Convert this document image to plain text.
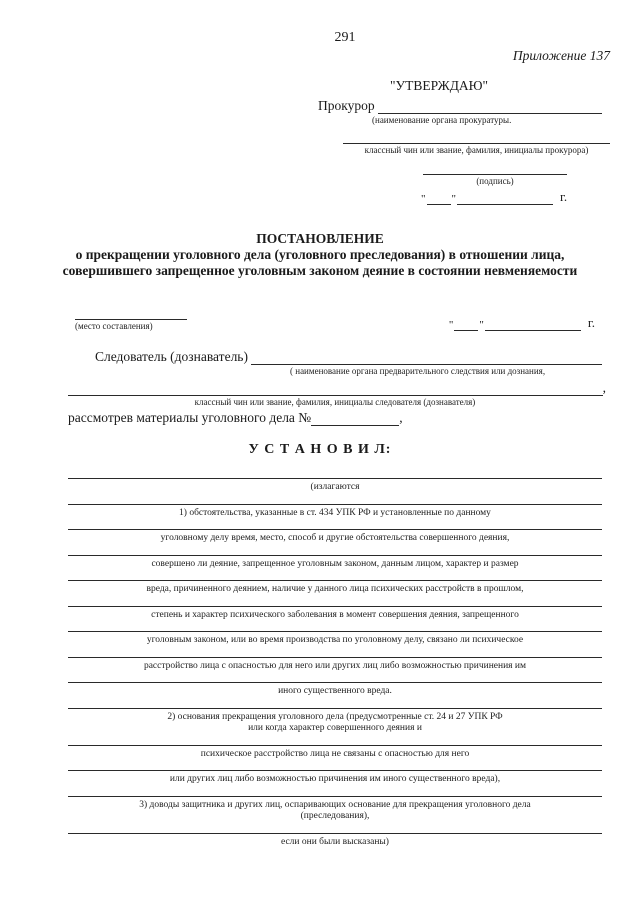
291
Приложение 137
"УТВЕРЖДАЮ"
Прокурор
(наименование органа прокуратуры.
классный чин или звание, фамилия, инициалы прокурора)
(подпись)
" "	г.
ПОСТАНОВЛЕНИЕ
о прекращении уголовного дела (уголовного преследования) в отношении лица,
совершившего запрещенное уголовным законом деяние в состоянии невменяемости
(место составления)	" "	г.
Следователь (дознаватель)
( наименование органа предварительного следствия или дознания,
,
классный чин или звание, фамилия, инициалы следователя (дознавателя)
рассмотрев материалы уголовного дела №	,
У С Т А Н О В И Л:
(излагаются
1) обстоятельства, указанные в ст. 434 УПК РФ и установленные по данному
уголовному делу время, место, способ и другие обстоятельства совершенного деяния,
совершено ли деяние, запрещенное уголовным законом, данным лицом, характер и размер
вреда, причиненного деянием, наличие у данного лица психических расстройств в прошлом,
степень и характер психического заболевания в момент совершения деяния, запрещенного
уголовным законом, или во время производства по уголовному делу, связано ли психическое
расстройство лица с опасностью для него или других лиц либо возможностью причинения им
иного существенного вреда.
2) основания прекращения уголовного дела (предусмотренные ст. 24 и 27 УПК РФ
или когда характер совершенного деяния и
психическое расстройство лица не связаны с опасностью для него
или других лиц либо возможностью причинения им иного существенного вреда),
3) доводы защитника и других лиц, оспаривающих основание для прекращения уголовного дела
(преследования),
если они были высказаны)
